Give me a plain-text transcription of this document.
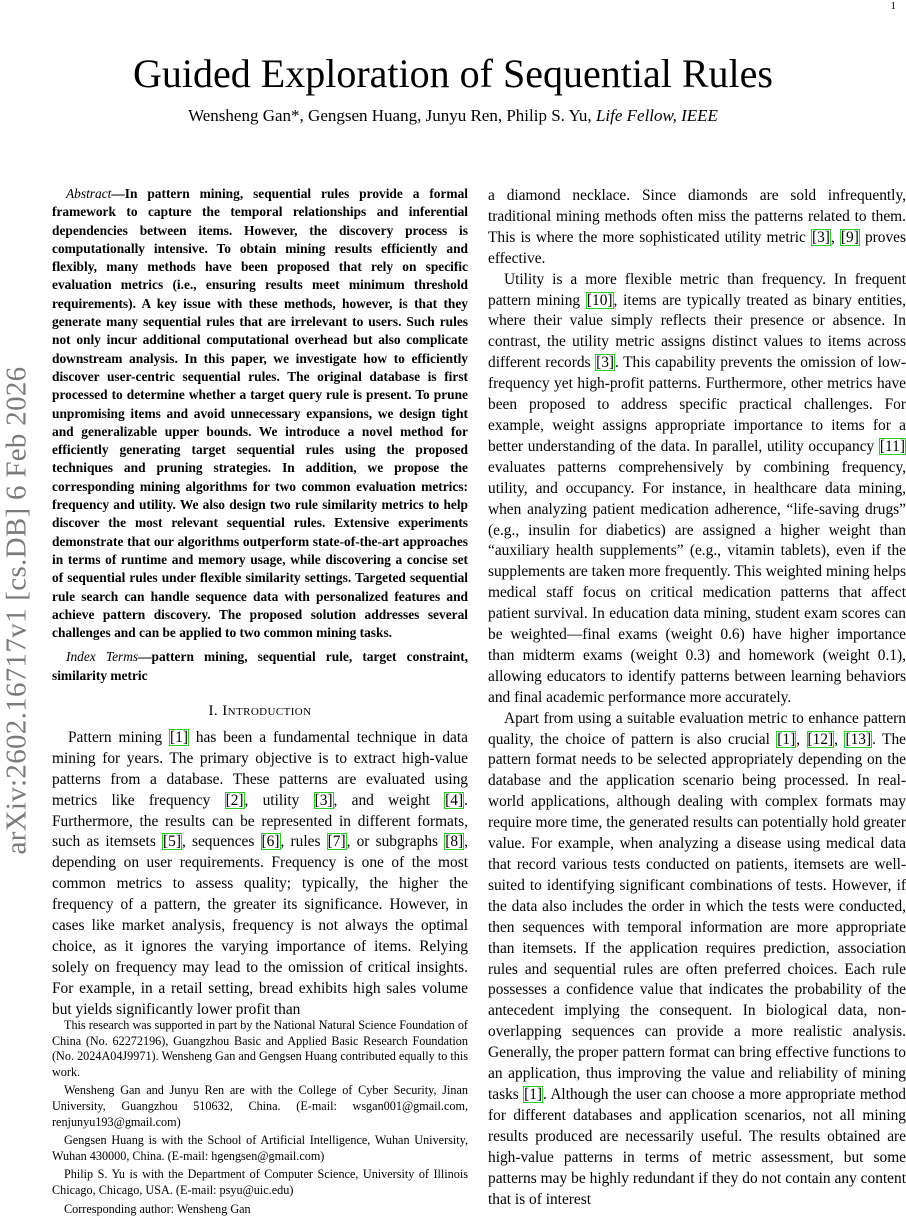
1
arXiv:2602.16717v1 [cs.DB] 6 Feb 2026
Guided Exploration of Sequential Rules
Wensheng Gan*, Gengsen Huang, Junyu Ren, Philip S. Yu, Life Fellow, IEEE

Abstract—In pattern mining, sequential rules provide a formal framework to capture the temporal relationships and inferential dependencies between items. However, the discovery process is computationally intensive. To obtain mining results efficiently and flexibly, many methods have been proposed that rely on specific evaluation metrics (i.e., ensuring results meet minimum threshold requirements). A key issue with these methods, however, is that they generate many sequential rules that are irrelevant to users. Such rules not only incur additional computational overhead but also complicate downstream analysis. In this paper, we investigate how to efficiently discover user-centric sequential rules. The original database is first processed to determine whether a target query rule is present. To prune unpromising items and avoid unnecessary expansions, we design tight and generalizable upper bounds. We introduce a novel method for efficiently generating target sequential rules using the proposed techniques and pruning strategies. In addition, we propose the corresponding mining algorithms for two common evaluation metrics: frequency and utility. We also design two rule similarity metrics to help discover the most relevant sequential rules. Extensive experiments demonstrate that our algorithms outperform state-of-the-art approaches in terms of runtime and memory usage, while discovering a concise set of sequential rules under flexible similarity settings. Targeted sequential rule search can handle sequence data with personalized features and achieve pattern discovery. The proposed solution addresses several challenges and can be applied to two common mining tasks.

Index Terms—pattern mining, sequential rule, target constraint, similarity metric

I. Introduction

Pattern mining [1] has been a fundamental technique in data mining for years. The primary objective is to extract high-value patterns from a database. These patterns are evaluated using metrics like frequency [2], utility [3], and weight [4]. Furthermore, the results can be represented in different formats, such as itemsets [5], sequences [6], rules [7], or subgraphs [8], depending on user requirements. Frequency is one of the most common metrics to assess quality; typically, the higher the frequency of a pattern, the greater its significance. However, in cases like market analysis, frequency is not always the optimal choice, as it ignores the varying importance of items. Relying solely on frequency may lead to the omission of critical insights. For example, in a retail setting, bread exhibits high sales volume but yields significantly lower profit than

This research was supported in part by the National Natural Science Foundation of China (No. 62272196), Guangzhou Basic and Applied Basic Research Foundation (No. 2024A04J9971). Wensheng Gan and Gengsen Huang contributed equally to this work.

Wensheng Gan and Junyu Ren are with the College of Cyber Security, Jinan University, Guangzhou 510632, China. (E-mail: wsgan001@gmail.com, renjunyu193@gmail.com)

Gengsen Huang is with the School of Artificial Intelligence, Wuhan University, Wuhan 430000, China. (E-mail: hgengsen@gmail.com)

Philip S. Yu is with the Department of Computer Science, University of Illinois Chicago, Chicago, USA. (E-mail: psyu@uic.edu)

Corresponding author: Wensheng Gan

a diamond necklace. Since diamonds are sold infrequently, traditional mining methods often miss the patterns related to them. This is where the more sophisticated utility metric [3], [9] proves effective.

Utility is a more flexible metric than frequency. In frequent pattern mining [10], items are typically treated as binary entities, where their value simply reflects their presence or absence. In contrast, the utility metric assigns distinct values to items across different records [3]. This capability prevents the omission of low-frequency yet high-profit patterns. Furthermore, other metrics have been proposed to address specific practical challenges. For example, weight assigns appropriate importance to items for a better understanding of the data. In parallel, utility occupancy [11] evaluates patterns comprehensively by combining frequency, utility, and occupancy. For instance, in healthcare data mining, when analyzing patient medication adherence, “life-saving drugs” (e.g., insulin for diabetics) are assigned a higher weight than “auxiliary health supplements” (e.g., vitamin tablets), even if the supplements are taken more frequently. This weighted mining helps medical staff focus on critical medication patterns that affect patient survival. In education data mining, student exam scores can be weighted—final exams (weight 0.6) have higher importance than midterm exams (weight 0.3) and homework (weight 0.1), allowing educators to identify patterns between learning behaviors and final academic performance more accurately.

Apart from using a suitable evaluation metric to enhance pattern quality, the choice of pattern is also crucial [1], [12], [13]. The pattern format needs to be selected appropriately depending on the database and the application scenario being processed. In real-world applications, although dealing with complex formats may require more time, the generated results can potentially hold greater value. For example, when analyzing a disease using medical data that record various tests conducted on patients, itemsets are well-suited to identifying significant combinations of tests. However, if the data also includes the order in which the tests were conducted, then sequences with temporal information are more appropriate than itemsets. If the application requires prediction, association rules and sequential rules are often preferred choices. Each rule possesses a confidence value that indicates the probability of the antecedent implying the consequent. In biological data, non-overlapping sequences can provide a more realistic analysis. Generally, the proper pattern format can bring effective functions to an application, thus improving the value and reliability of mining tasks [1]. Although the user can choose a more appropriate method for different databases and application scenarios, not all mining results produced are necessarily useful. The results obtained are high-value patterns in terms of metric assessment, but some patterns may be highly redundant if they do not contain any content that is of interest
